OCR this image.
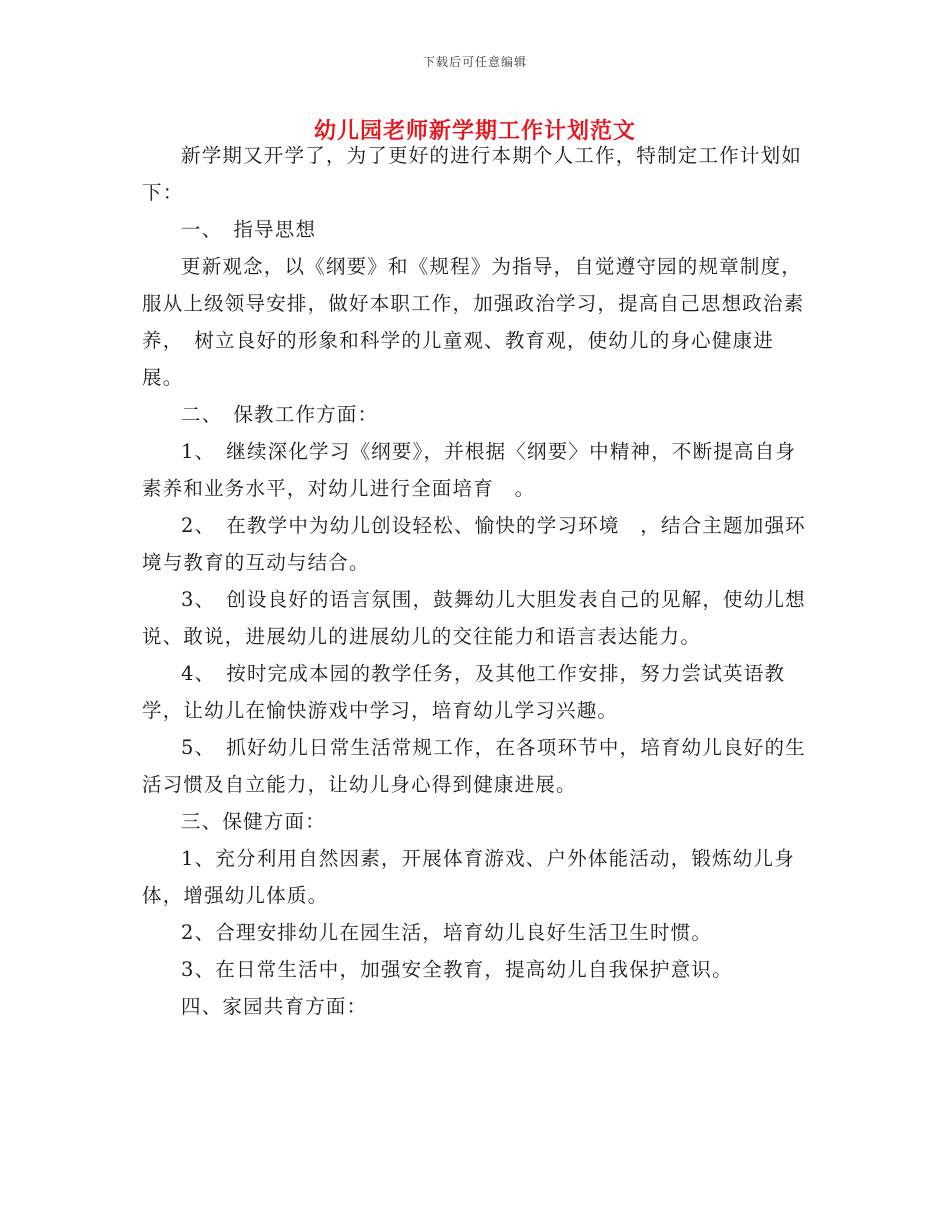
下载后可任意编辑
幼儿园老师新学期工作计划范文

新学期又开学了，为了更好的进行本期个人工作，特制定工作计划如下：

一、　指导思想

更新观念，以《纲要》和《规程》为指导，自觉遵守园的规章制度，服从上级领导安排，做好本职工作，加强政治学习，提高自己思想政治素养，　树立良好的形象和科学的儿童观、教育观，使幼儿的身心健康进展。

二、　保教工作方面：

1、　继续深化学习《纲要》，并根据〈纲要〉中精神，不断提高自身素养和业务水平，对幼儿进行全面培育　。

2、　在教学中为幼儿创设轻松、愉快的学习环境　，结合主题加强环境与教育的互动与结合。

3、　创设良好的语言氛围，鼓舞幼儿大胆发表自己的见解，使幼儿想说、敢说，进展幼儿的进展幼儿的交往能力和语言表达能力。

4、　按时完成本园的教学任务，及其他工作安排，努力尝试英语教学，让幼儿在愉快游戏中学习，培育幼儿学习兴趣。

5、　抓好幼儿日常生活常规工作，在各项环节中，培育幼儿良好的生活习惯及自立能力，让幼儿身心得到健康进展。

三、保健方面：

1、充分利用自然因素，开展体育游戏、户外体能活动，锻炼幼儿身体，增强幼儿体质。

2、合理安排幼儿在园生活，培育幼儿良好生活卫生时惯。

3、在日常生活中，加强安全教育，提高幼儿自我保护意识。

四、家园共育方面：
